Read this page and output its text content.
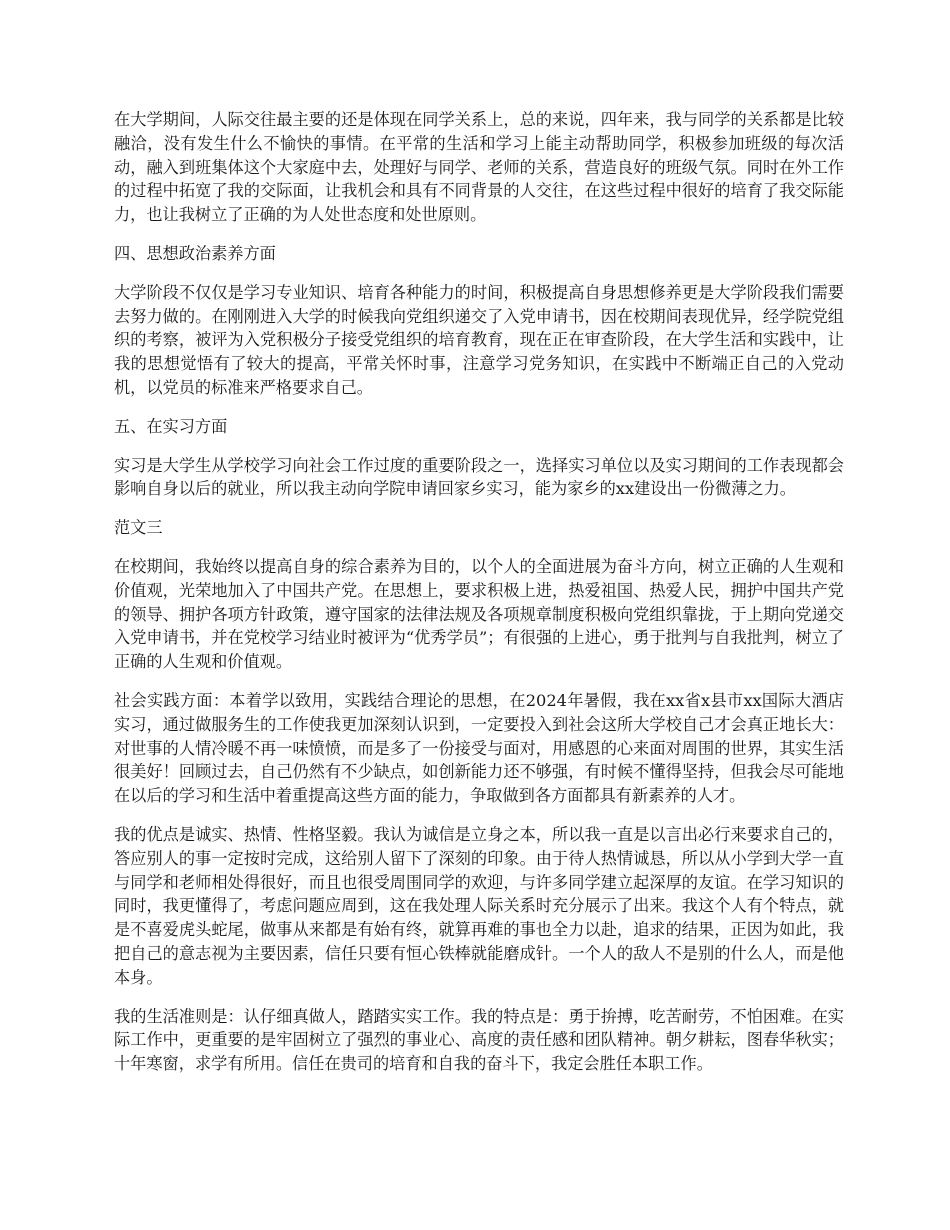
在大学期间，人际交往最主要的还是体现在同学关系上，总的来说，四年来，我与同学的关系都是比较融洽，没有发生什么不愉快的事情。在平常的生活和学习上能主动帮助同学，积极参加班级的每次活动，融入到班集体这个大家庭中去，处理好与同学、老师的关系，营造良好的班级气氛。同时在外工作的过程中拓宽了我的交际面，让我机会和具有不同背景的人交往，在这些过程中很好的培育了我交际能力，也让我树立了正确的为人处世态度和处世原则。

四、思想政治素养方面

大学阶段不仅仅是学习专业知识、培育各种能力的时间，积极提高自身思想修养更是大学阶段我们需要去努力做的。在刚刚进入大学的时候我向党组织递交了入党申请书，因在校期间表现优异，经学院党组织的考察，被评为入党积极分子接受党组织的培育教育，现在正在审查阶段，在大学生活和实践中，让我的思想觉悟有了较大的提高，平常关怀时事，注意学习党务知识，在实践中不断端正自己的入党动机，以党员的标准来严格要求自己。

五、在实习方面

实习是大学生从学校学习向社会工作过度的重要阶段之一，选择实习单位以及实习期间的工作表现都会影响自身以后的就业，所以我主动向学院申请回家乡实习，能为家乡的xx建设出一份微薄之力。

范文三

在校期间，我始终以提高自身的综合素养为目的，以个人的全面进展为奋斗方向，树立正确的人生观和价值观，光荣地加入了中国共产党。在思想上，要求积极上进，热爱祖国、热爱人民，拥护中国共产党的领导、拥护各项方针政策，遵守国家的法律法规及各项规章制度积极向党组织靠拢，于上期向党递交入党申请书，并在党校学习结业时被评为“优秀学员”；有很强的上进心，勇于批判与自我批判，树立了正确的人生观和价值观。

社会实践方面：本着学以致用，实践结合理论的思想，在2024年暑假，我在xx省x县市xx国际大酒店实习，通过做服务生的工作使我更加深刻认识到，一定要投入到社会这所大学校自己才会真正地长大：对世事的人情冷暖不再一味愤愤，而是多了一份接受与面对，用感恩的心来面对周围的世界，其实生活很美好！回顾过去，自己仍然有不少缺点，如创新能力还不够强，有时候不懂得坚持，但我会尽可能地在以后的学习和生活中着重提高这些方面的能力，争取做到各方面都具有新素养的人才。

我的优点是诚实、热情、性格坚毅。我认为诚信是立身之本，所以我一直是以言出必行来要求自己的，答应别人的事一定按时完成，这给别人留下了深刻的印象。由于待人热情诚恳，所以从小学到大学一直与同学和老师相处得很好，而且也很受周围同学的欢迎，与许多同学建立起深厚的友谊。在学习知识的同时，我更懂得了，考虑问题应周到，这在我处理人际关系时充分展示了出来。我这个人有个特点，就是不喜爱虎头蛇尾，做事从来都是有始有终，就算再难的事也全力以赴，追求的结果，正因为如此，我把自己的意志视为主要因素，信任只要有恒心铁棒就能磨成针。一个人的敌人不是别的什么人，而是他本身。

我的生活准则是：认仔细真做人，踏踏实实工作。我的特点是：勇于拚搏，吃苦耐劳，不怕困难。在实际工作中，更重要的是牢固树立了强烈的事业心、高度的责任感和团队精神。朝夕耕耘，图春华秋实；十年寒窗，求学有所用。信任在贵司的培育和自我的奋斗下，我定会胜任本职工作。
